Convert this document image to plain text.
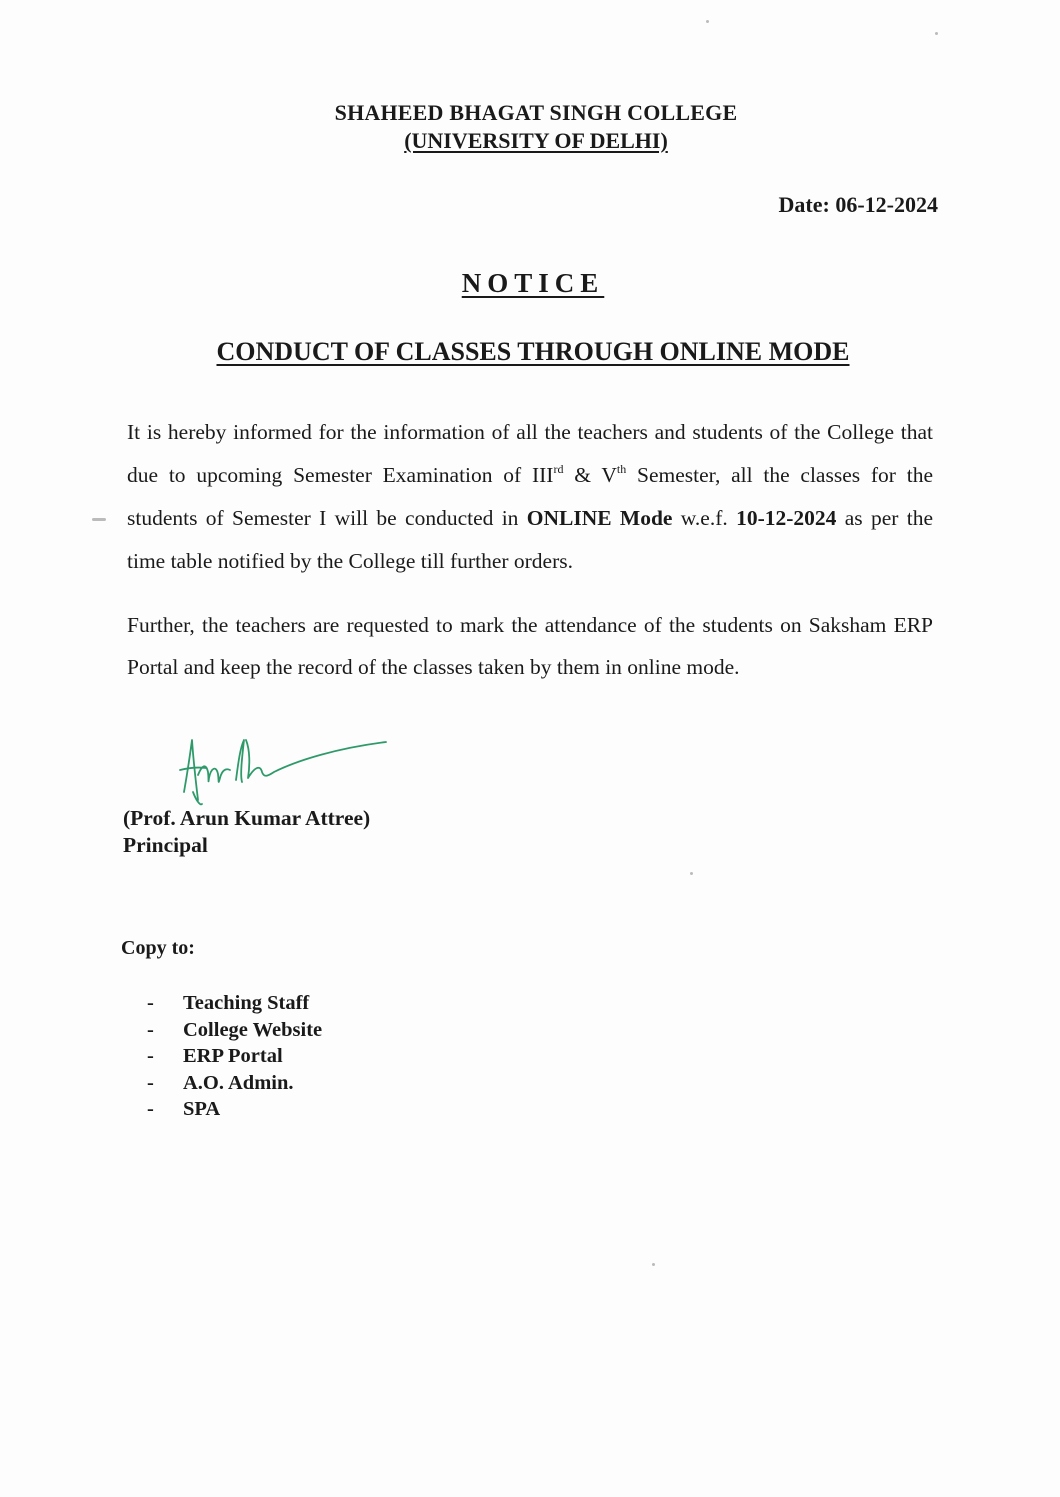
SHAHEED BHAGAT SINGH COLLEGE
(UNIVERSITY OF DELHI)
Date: 06-12-2024
NOTICE
CONDUCT OF CLASSES THROUGH ONLINE MODE
It is hereby informed for the information of all the teachers and students of the College that due to upcoming Semester Examination of IIIrd & Vth Semester, all the classes for the students of Semester I will be conducted in ONLINE Mode w.e.f. 10-12-2024 as per the time table notified by the College till further orders.
Further, the teachers are requested to mark the attendance of the students on Saksham ERP Portal and keep the record of the classes taken by them in online mode.
(Prof. Arun Kumar Attree)
Principal
Copy to:
- Teaching Staff
- College Website
- ERP Portal
- A.O. Admin.
- SPA
